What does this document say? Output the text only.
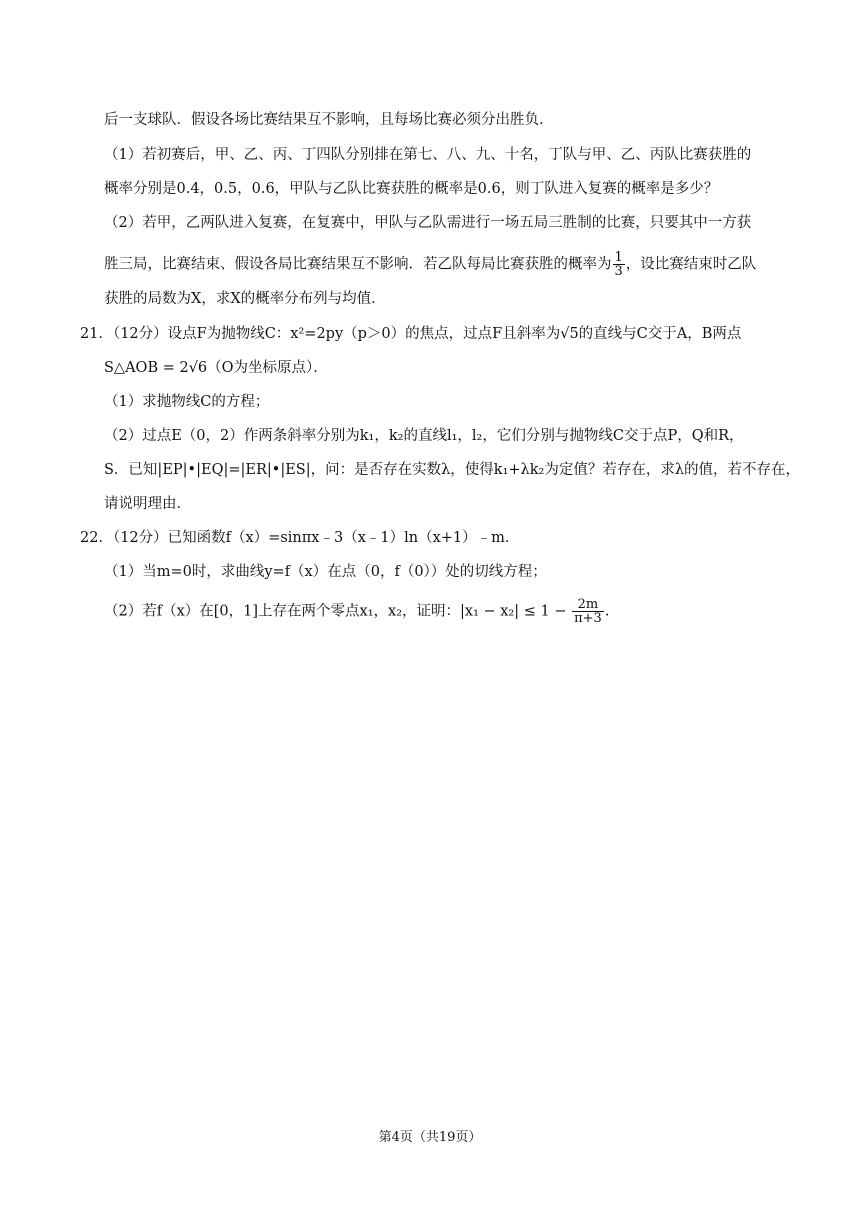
后一支球队．假设各场比赛结果互不影响，且每场比赛必须分出胜负．
（1）若初赛后，甲、乙、丙、丁四队分别排在第七、八、九、十名，丁队与甲、乙、丙队比赛获胜的
概率分别是0.4，0.5，0.6，甲队与乙队比赛获胜的概率是0.6，则丁队进入复赛的概率是多少？
（2）若甲，乙两队进入复赛，在复赛中，甲队与乙队需进行一场五局三胜制的比赛，只要其中一方获
胜三局，比赛结束、假设各局比赛结果互不影响．若乙队每局比赛获胜的概率为 $\frac{1}{3}$ ，设比赛结束时乙队
获胜的局数为X，求X的概率分布列与均值．
21．（12分）设点F为抛物线C：x²=2py（p＞0）的焦点，过点F且斜率为√5的直线与C交于A，B两点
S△AOB = 2√6（O为坐标原点）．
（1）求抛物线C的方程；
（2）过点E（0，2）作两条斜率分别为k₁，k₂的直线l₁，l₂，它们分别与抛物线C交于点P，Q和R，
S．已知|EP|•|EQ|=|ER|•|ES|，问：是否存在实数λ，使得k₁+λk₂为定值？若存在，求λ的值，若不存在，
请说明理由．
22．（12分）已知函数f（x）=sinπx﹣3（x﹣1）ln（x+1）﹣m．
（1）当m=0时，求曲线y=f（x）在点（0，f（0））处的切线方程；
（2）若f（x）在[0，1]上存在两个零点x₁，x₂，证明：$|x_1 - x_2| \le 1 - \frac{2m}{\pi+3}$ .
第4页（共19页）
